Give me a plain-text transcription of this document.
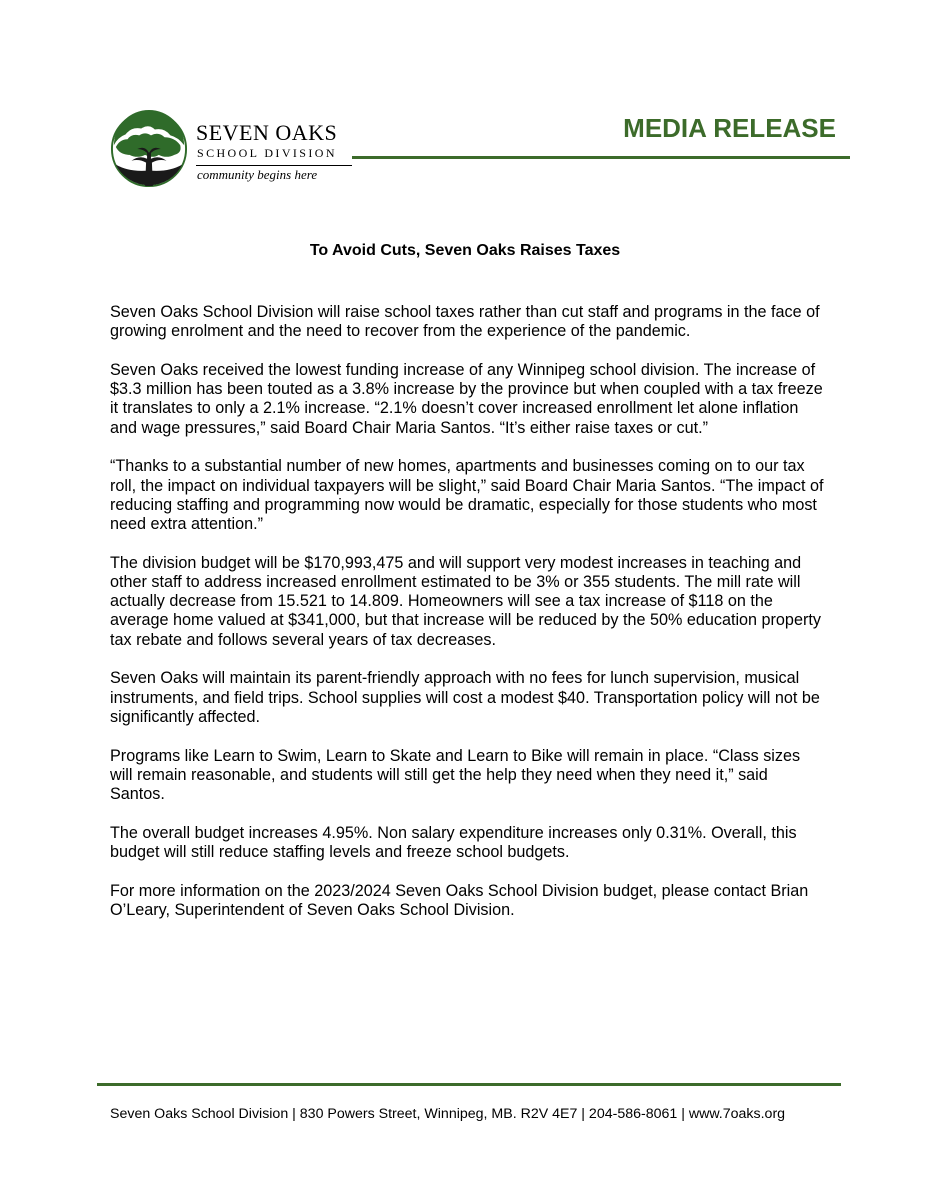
SEVEN OAKS
SCHOOL DIVISION
community begins here
MEDIA RELEASE
To Avoid Cuts, Seven Oaks Raises Taxes

Seven Oaks School Division will raise school taxes rather than cut staff and programs in the face of growing enrolment and the need to recover from the experience of the pandemic.

Seven Oaks received the lowest funding increase of any Winnipeg school division. The increase of $3.3 million has been touted as a 3.8% increase by the province but when coupled with a tax freeze it translates to only a 2.1% increase. “2.1% doesn’t cover increased enrollment let alone inflation and wage pressures,” said Board Chair Maria Santos. “It’s either raise taxes or cut.”

“Thanks to a substantial number of new homes, apartments and businesses coming on to our tax roll, the impact on individual taxpayers will be slight,” said Board Chair Maria Santos. “The impact of reducing staffing and programming now would be dramatic, especially for those students who most need extra attention.”

The division budget will be $170,993,475 and will support very modest increases in teaching and other staff to address increased enrollment estimated to be 3% or 355 students. The mill rate will actually decrease from 15.521 to 14.809. Homeowners will see a tax increase of $118 on the average home valued at $341,000, but that increase will be reduced by the 50% education property tax rebate and follows several years of tax decreases.

Seven Oaks will maintain its parent-friendly approach with no fees for lunch supervision, musical instruments, and field trips. School supplies will cost a modest $40. Transportation policy will not be significantly affected.

Programs like Learn to Swim, Learn to Skate and Learn to Bike will remain in place. “Class sizes will remain reasonable, and students will still get the help they need when they need it,” said Santos.

The overall budget increases 4.95%. Non salary expenditure increases only 0.31%. Overall, this budget will still reduce staffing levels and freeze school budgets.

For more information on the 2023/2024 Seven Oaks School Division budget, please contact Brian O’Leary, Superintendent of Seven Oaks School Division.

Seven Oaks School Division | 830 Powers Street, Winnipeg, MB. R2V 4E7 | 204-586-8061 | www.7oaks.org
